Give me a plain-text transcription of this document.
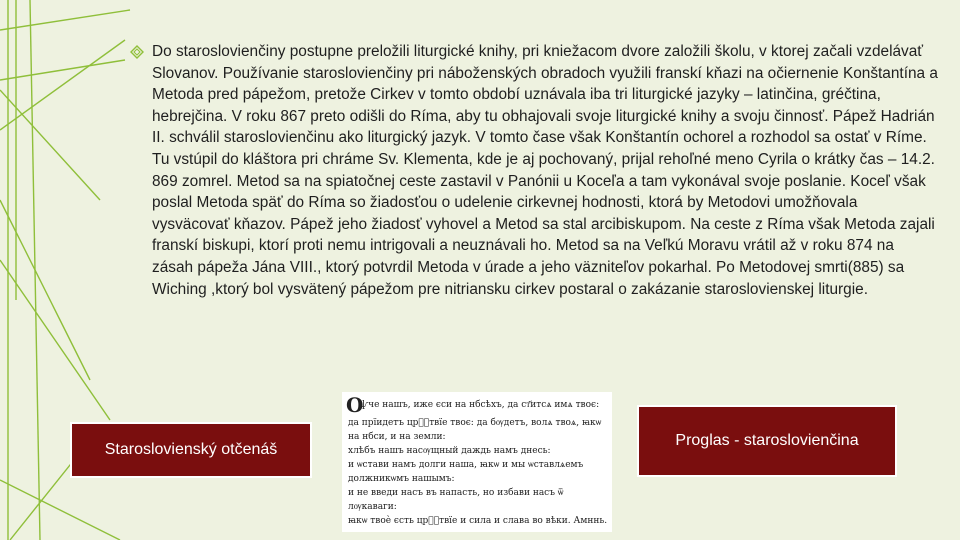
Do staroslovienčiny postupne preložili liturgické knihy, pri kniežacom dvore založili školu, v ktorej začali vzdelávať Slovanov. Používanie staroslovienčiny pri náboženských obradoch využili franskí kňazi na očiernenie Konštantína a Metoda pred pápežom, pretože Cirkev v tomto období uznávala iba tri liturgické jazyky – latinčina, gréčtina, hebrejčina. V roku 867 preto odišli do Ríma, aby tu obhajovali svoje liturgické knihy a svoju činnosť. Pápež Hadrián II. schválil staroslovienčinu ako liturgický jazyk. V tomto čase však Konštantín ochorel a rozhodol sa ostať v Ríme. Tu vstúpil do kláštora pri chráme Sv. Klementa, kde je aj pochovaný, prijal rehoľné meno Cyrila o krátky čas – 14.2. 869 zomrel. Metod sa na spiatočnej ceste zastavil v Panónii u Koceľa a tam vykonával svoje poslanie. Koceľ však poslal Metoda späť do Ríma so žiadosťou o udelenie cirkevnej hodnosti, ktorá by Metodovi umožňovala vysväcovať kňazov. Pápež jeho žiadosť vyhovel a Metod sa stal arcibiskupom. Na ceste z Ríma však Metoda zajali franskí biskupi, ktorí proti nemu intrigovali a neuznávali ho. Metod sa na Veľkú Moravu vrátil až v roku 874 na zásah pápeža Jána VIII., ktorý potvrdil Metoda v úrade a jeho väzniteľov pokarhal. Po Metodovej smrti(885) sa Wiching ,ktorý bol vysvätený pápežom pre nitriansku cirkev postaral o zakázanie staroslovienskej liturgie.

Staroslovienský otčenáš
О
ѱче нашъ, иже єси на нбсѣхъ, да ст҃итсѧ имѧ твоє:
да прїидетъ црⷭ҇твїе твоє: да бѹдетъ, волѧ твоѧ, ꙗкѡ
на нбси, и на земли:
хлѣбъ нашъ насѹщный даждь намъ днесь:
и ѡстави намъ долги наша, ꙗкѡ и мы ѡставлѧемъ
должникѡмъ нашымъ:
и не введи насъ въ напасть, но избави насъ ѿ
лѹкаваги:
ꙗкѡ твоѐ єсть црⷭ҇твїе и сила и слава во вѣки. Амннь.
Proglas - staroslovienčina
